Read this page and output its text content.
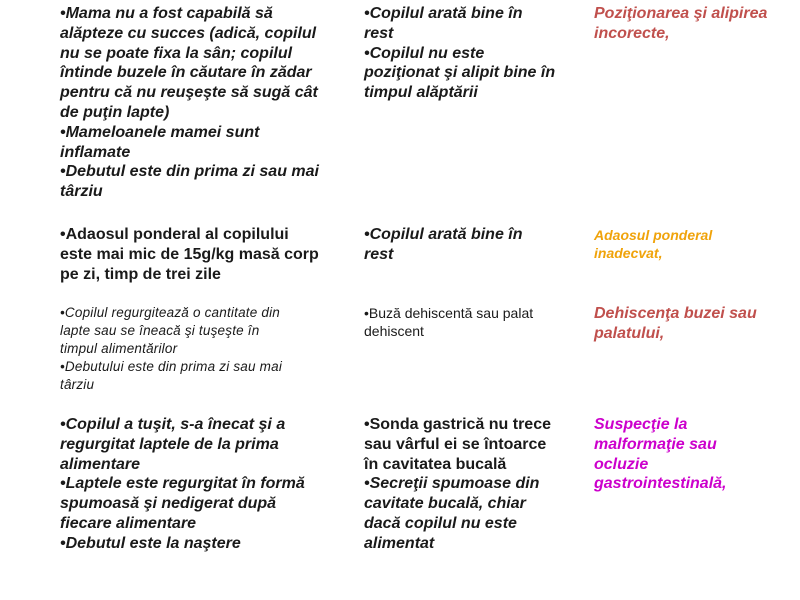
•Mama nu a fost capabilă să
alăpteze cu succes (adică, copilul
nu se poate fixa la sân; copilul
întinde buzele în căutare în zădar
pentru că nu reuşeşte să sugă cât
de puţin lapte)
•Mameloanele mamei sunt
inflamate
•Debutul este din prima zi sau mai
târziu
•Copilul arată bine în
rest
•Copilul nu este
poziţionat şi alipit bine în
timpul alăptării
Poziţionarea şi alipirea
incorecte,
•Adaosul ponderal al copilului
este mai mic de 15g/kg masă corp
pe zi, timp de trei zile
•Copilul arată bine în
rest
Adaosul ponderal
inadecvat,
•Copilul regurgitează o cantitate din
lapte sau se îneacă şi tuşeşte în
timpul alimentărilor
•Debutului este din prima zi sau mai
târziu
•Buză dehiscentă sau palat
dehiscent
Dehiscenţa buzei sau
palatului,
•Copilul a tuşit, s-a înecat şi a
regurgitat laptele de la prima
alimentare
•Laptele este regurgitat în formă
spumoasă şi nedigerat după
fiecare alimentare
•Debutul este la naştere
•Sonda gastrică nu trece
sau vârful ei se întoarce
în cavitatea bucală
•Secreţii spumoase din
cavitate bucală, chiar
dacă copilul nu este
alimentat
Suspecţie la
malformaţie sau
ocluzie
gastrointestinală,
